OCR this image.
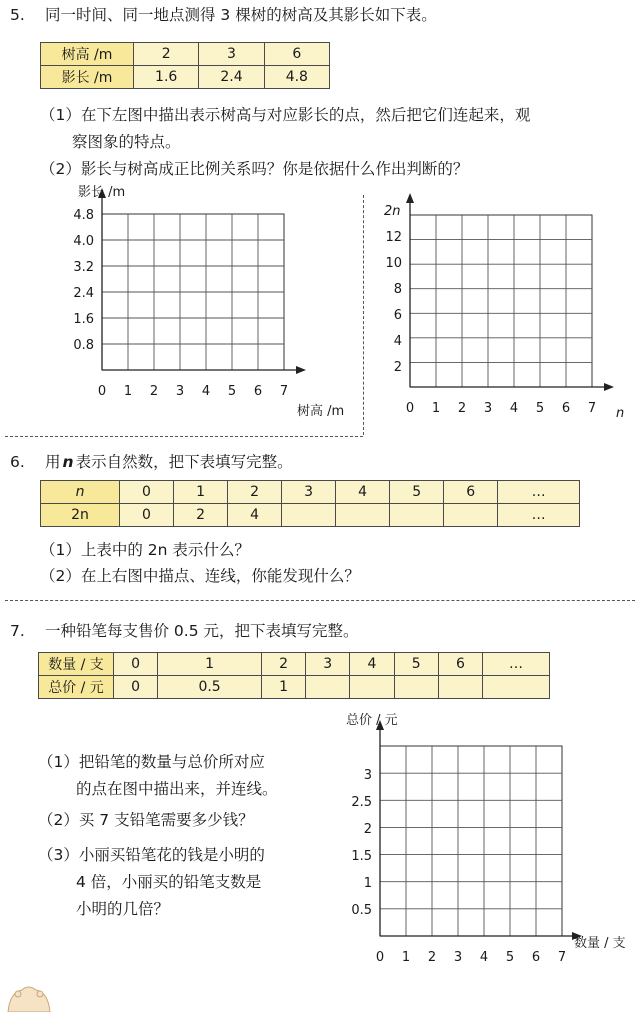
5. 同一时间、同一地点测得 3 棵树的树高及其影长如下表。
树高 /m	2	3	6
影长 /m	1.6	2.4	4.8
（1）在下左图中描出表示树高与对应影长的点，然后把它们连起来，观
察图象的特点。
（2）影长与树高成正比例关系吗？你是依据什么作出判断的？
影长 /m
树高 /m
0.8
1.6
2.4
3.2
4.0
4.8
0 1 2 3 4 5 6 7
2n
n
2
4
6
8
10
12
0 1 2 3 4 5 6 7
6. 用 n 表示自然数，把下表填写完整。
n	0	1	2	3	4	5	6	…
2n	0	2	4					…
（1）上表中的 2n 表示什么？
（2）在上右图中描点、连线，你能发现什么？
7. 一种铅笔每支售价 0.5 元，把下表填写完整。
数量 / 支	0	1	2	3	4	5	6	…
总价 / 元	0	0.5	1					
（1）把铅笔的数量与总价所对应
的点在图中描出来，并连线。
（2）买 7 支铅笔需要多少钱？
（3）小丽买铅笔花的钱是小明的
4 倍，小丽买的铅笔支数是
小明的几倍？
总价 / 元
数量 / 支
0.5
1
1.5
2
2.5
3
0 1 2 3 4 5 6 7
